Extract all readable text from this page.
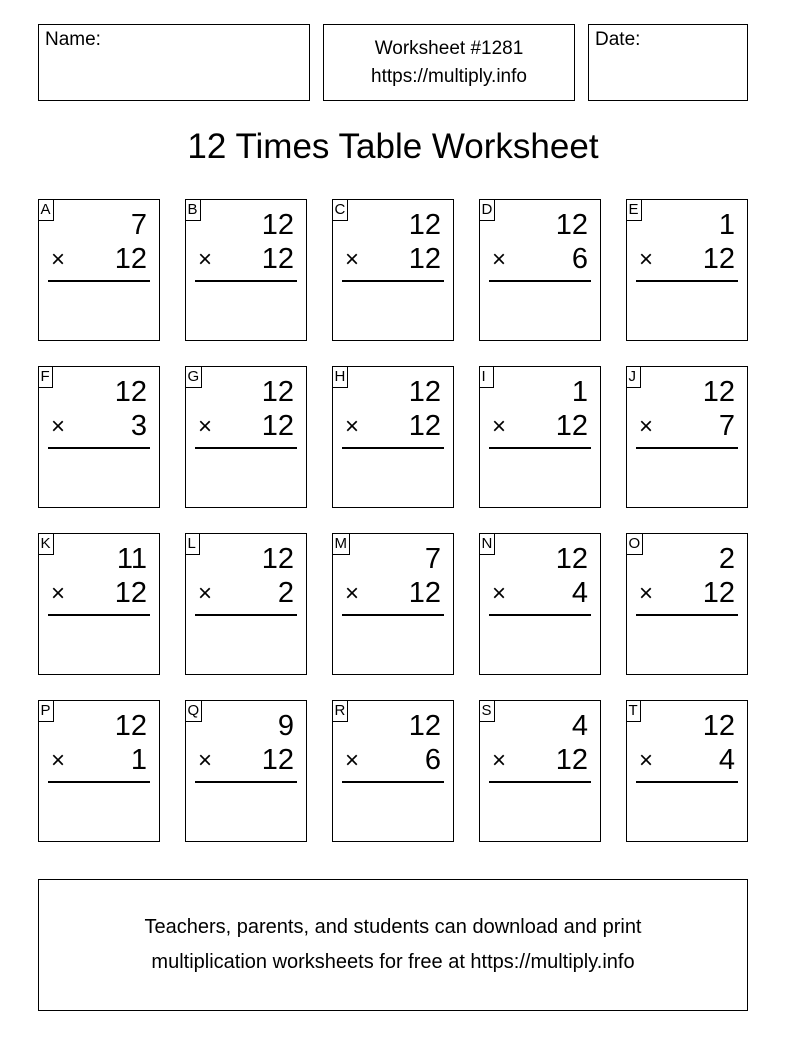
Name:	Worksheet #1281
https://multiply.info
Date:
12 Times Table Worksheet
A	7
× 12
B 12
× 12
C 12
× 12
D 12
× 6
E	1
× 12
F 12
× 3
G 12
× 12
H 12
× 12
I	1
× 12
J 12
× 7
K 11
× 12
L 12
× 2
M	7
× 12
N 12
× 4
O	2
× 12
P 12
× 1
Q	9
× 12
R 12
× 6
S	4
× 12
T 12
× 4
Teachers, parents, and students can download and print
multiplication worksheets for free at https://multiply.info
